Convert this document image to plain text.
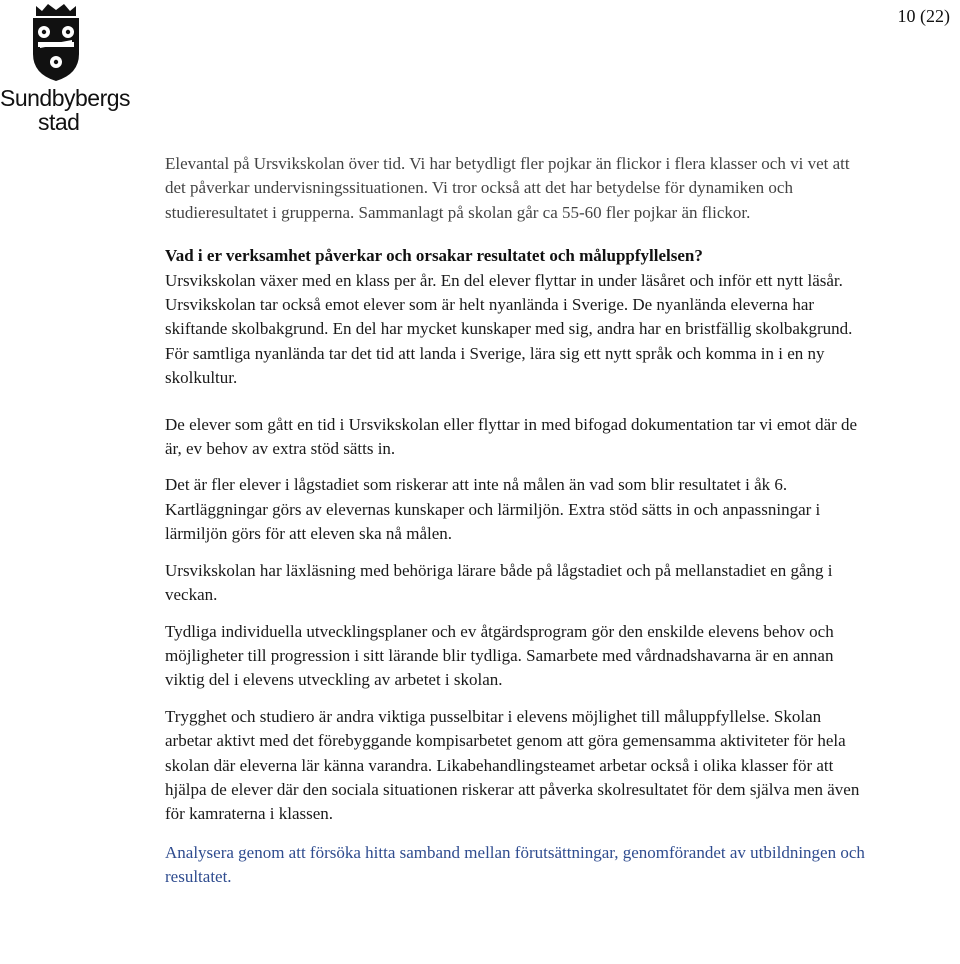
Sundbybergs
stad
10 (22)

Elevantal på Ursvikskolan över tid. Vi har betydligt fler pojkar än flickor i flera klasser och vi vet att det påverkar undervisningssituationen. Vi tror också att det har betydelse för dynamiken och studieresultatet i grupperna. Sammanlagt på skolan går ca 55-60 fler pojkar än flickor.

Vad i er verksamhet påverkar och orsakar resultatet och måluppfyllelsen?

Ursvikskolan växer med en klass per år. En del elever flyttar in under läsåret och inför ett nytt läsår.

Ursvikskolan tar också emot elever som är helt nyanlända i Sverige. De nyanlända eleverna har skiftande skolbakgrund. En del har mycket kunskaper med sig, andra har en bristfällig skolbakgrund. För samtliga nyanlända tar det tid att landa i Sverige, lära sig ett nytt språk och komma in i en ny skolkultur.

De elever som gått en tid i Ursvikskolan eller flyttar in med bifogad dokumentation tar vi emot där de är, ev behov av extra stöd sätts in.

Det är fler elever i lågstadiet som riskerar att inte nå målen än vad som blir resultatet i åk 6. Kartläggningar görs av elevernas kunskaper och lärmiljön. Extra stöd sätts in och anpassningar i lärmiljön görs för att eleven ska nå målen.

Ursvikskolan har läxläsning med behöriga lärare både på lågstadiet och på mellanstadiet en gång i veckan.

Tydliga individuella utvecklingsplaner och ev åtgärdsprogram gör den enskilde elevens behov och möjligheter till progression i sitt lärande blir tydliga. Samarbete med vårdnadshavarna är en annan viktig del i elevens utveckling av arbetet i skolan.

Trygghet och studiero är andra viktiga pusselbitar i elevens möjlighet till måluppfyllelse. Skolan arbetar aktivt med det förebyggande kompisarbetet genom att göra gemensamma aktiviteter för hela skolan där eleverna lär känna varandra. Likabehandlingsteamet arbetar också i olika klasser för att hjälpa de elever där den sociala situationen riskerar att påverka skolresultatet för dem själva men även för kamraterna i klassen.

Analysera genom att försöka hitta samband mellan förutsättningar, genomförandet av utbildningen och resultatet.
